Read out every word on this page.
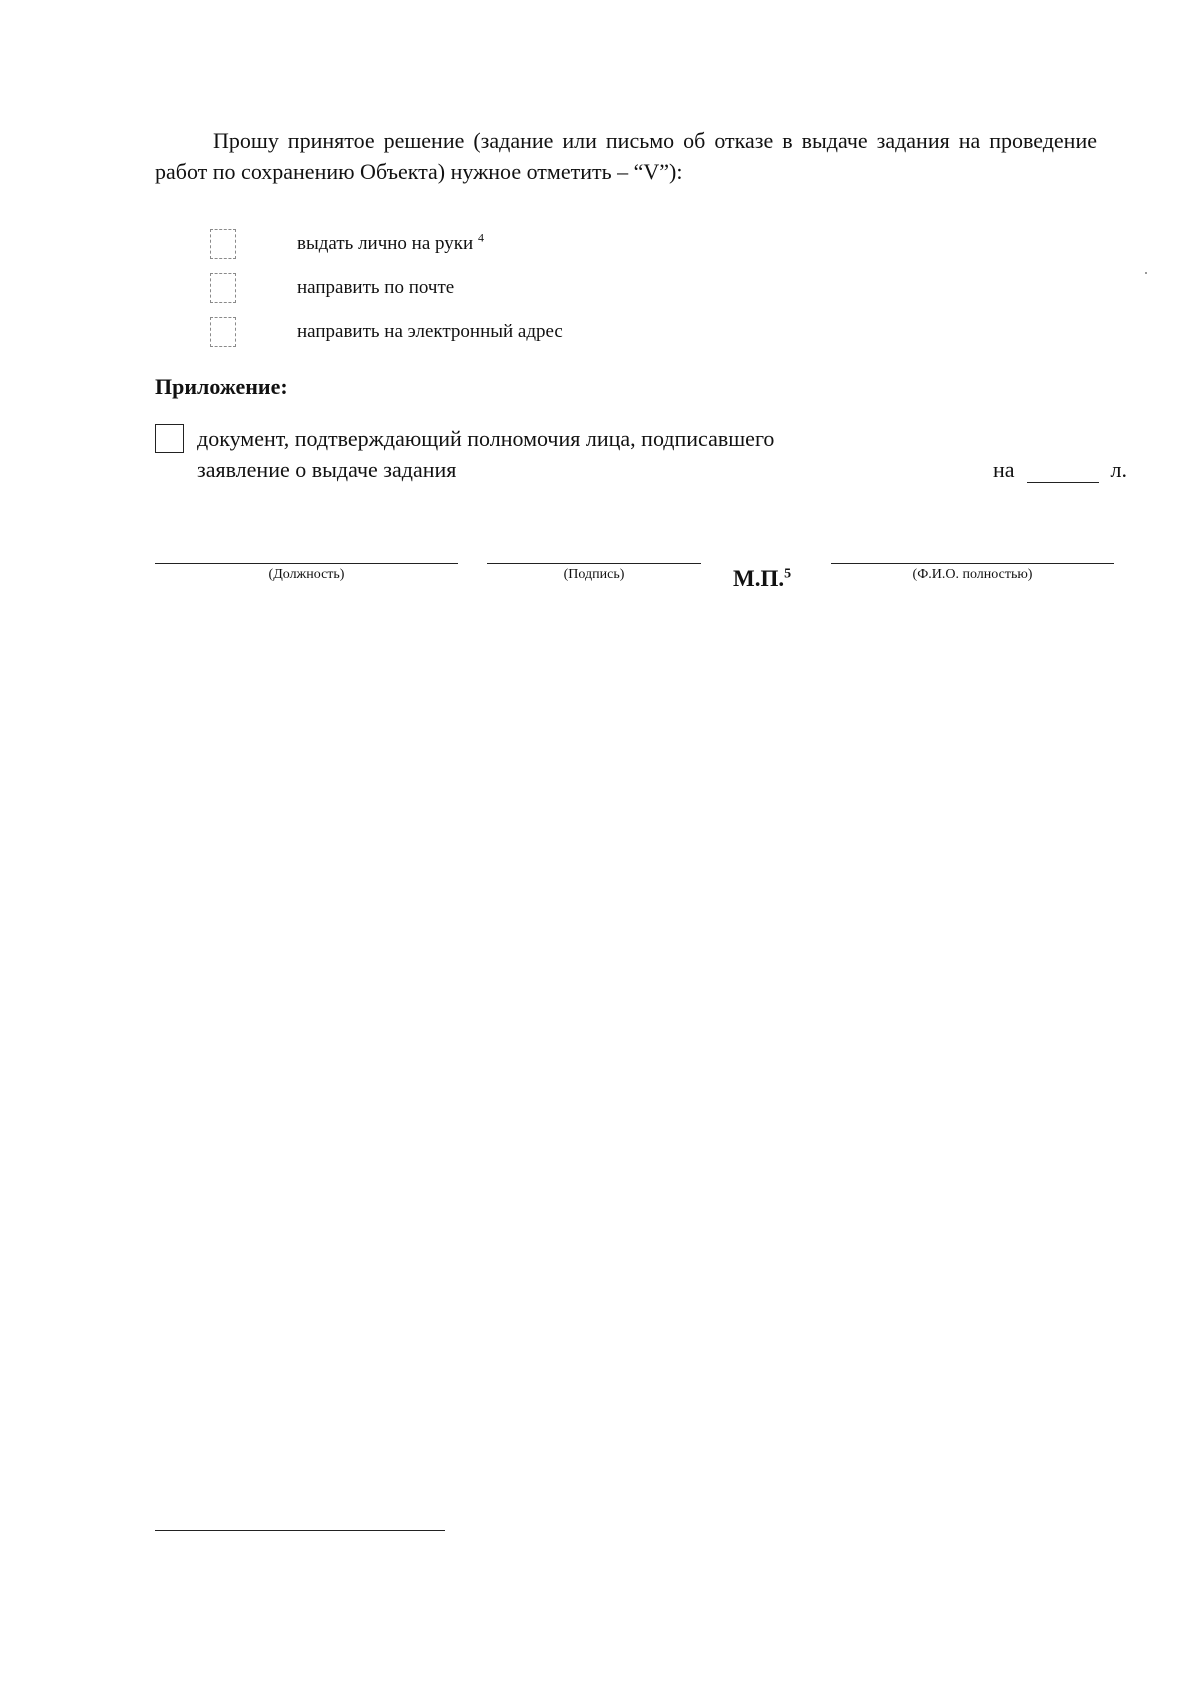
Прошу принятое решение (задание или письмо об отказе в выдаче задания на проведение работ по сохранению Объекта) нужное отметить – “V”):

выдать лично на руки $^4$
направить по почте
направить на электронный адрес
Приложение:
документ, подтверждающий полномочия лица, подписавшего
заявление о выдаче задания	на	л.
(Должность)	(Подпись)	М.П.$^5$	(Ф.И.О. полностью)
